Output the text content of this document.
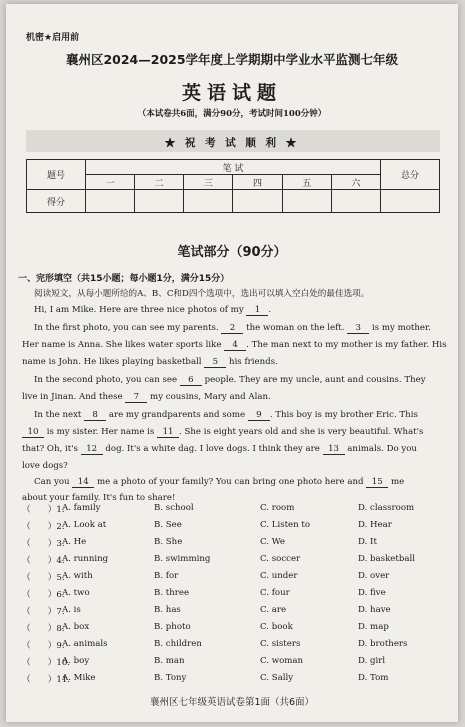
机密★启用前
襄州区2024—2025学年度上学期期中学业水平监测七年级
英语试题
（本试卷共6面，满分90分，考试时间100分钟）
★ 祝 考 试 顺 利 ★
题号	笔 试						总分
	一	二	三	四	五	六	
得分							
笔试部分（90分）
一、完形填空（共15小题；每小题1分，满分15分）
阅读短文，从每小题所给的A、B、C和D四个选项中，选出可以填入空白处的最佳选项。
Hi, I am Mike. Here are three nice photos of my 1 .
In the first photo, you can see my parents. 2 the woman on the left. 3 is my mother.
Her name is Anna. She likes water sports like 4 . The man next to my mother is my father. His
name is John. He likes playing basketball 5 his friends.
In the second photo, you can see 6 people. They are my uncle, aunt and cousins. They
live in Jinan. And these 7 my cousins, Mary and Alan.
In the next 8 are my grandparents and some 9 . This boy is my brother Eric. This
10 is my sister. Her name is 11 . She is eight years old and she is very beautiful. What's
that? Oh, it's 12 dog. It's a white dag. I love dogs. I think they are 13 animals. Do you
love dogs?
Can you 14 me a photo of your family? You can bring one photo here and 15 me
about your family. It's fun to share!
（　　）1.
A. family	B. school	C. room	D. classroom
（　　）2.
A. Look at	B. See	C. Listen to	D. Hear
（　　）3.
A. He	B. She	C. We	D. It
（　　）4.
A. running	B. swimming	C. soccer	D. basketball
（　　）5.
A. with	B. for	C. under	D. over
（　　）6.
A. two	B. three	C. four	D. five
（　　）7.
A. is	B. has	C. are	D. have
（　　）8.
A. box	B. photo	C. book	D. map
（　　）9.
A. animals	B. children	C. sisters	D. brothers
（　　）10.
A. boy	B. man	C. woman	D. girl
（　　）11.
A. Mike	B. Tony	C. Sally	D. Tom
襄州区七年级英语试卷第1面（共6面）
